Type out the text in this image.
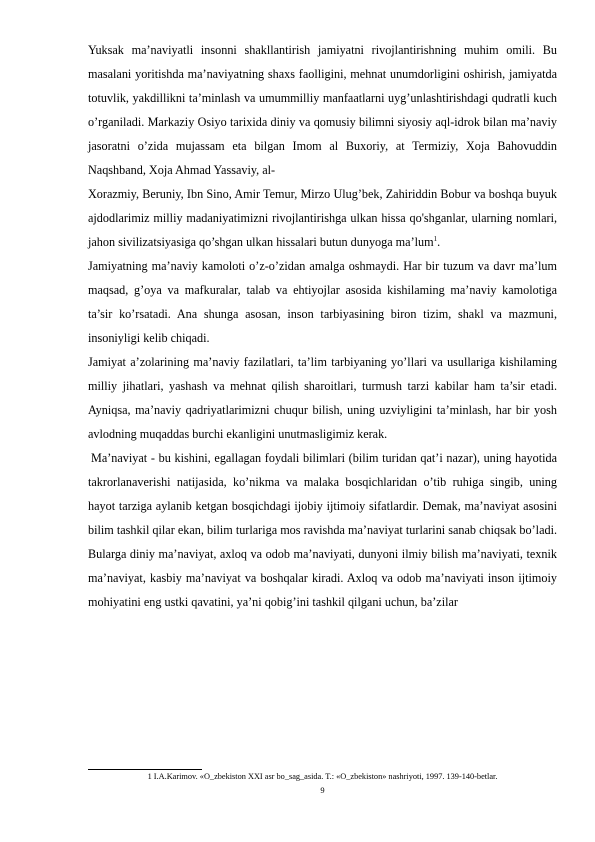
Yuksak ma’naviyatli insonni shakllantirish jamiyatni rivojlantirishning muhim omili. Bu masalani yoritishda ma’naviyatning shaxs faolligini, mehnat unumdorligini oshirish, jamiyatda totuvlik, yakdillikni ta’minlash va umummilliy manfaatlarni uyg’unlashtirishdagi qudratli kuch o’rganiladi. Markaziy Osiyo tarixida diniy va qomusiy bilimni siyosiy aql-idrok bilan ma’naviy jasoratni o’zida mujassam eta bilgan Imom al Buxoriy, at Termiziy, Xoja Bahovuddin Naqshband, Xoja Ahmad Yassaviy, al-

Xorazmiy, Beruniy, Ibn Sino, Amir Temur, Mirzo Ulug’bek, Zahiriddin Bobur va boshqa buyuk ajdodlarimiz milliy madaniyatimizni rivojlantirishga ulkan hissa qo'shganlar, ularning nomlari, jahon sivilizatsiyasiga qo’shgan ulkan hissalari butun dunyoga ma’lum$^1$.

Jamiyatning ma’naviy kamoloti o’z-o’zidan amalga oshmaydi. Har bir tuzum va davr ma’lum maqsad, g’oya va mafkuralar, talab va ehtiyojlar asosida kishilaming ma’naviy kamolotiga ta’sir ko’rsatadi. Ana shunga asosan, inson tarbiyasining biron tizim, shakl va mazmuni, insoniyligi kelib chiqadi.

Jamiyat a’zolarining ma’naviy fazilatlari, ta’lim tarbiyaning yo’llari va usullariga kishilaming milliy jihatlari, yashash va mehnat qilish sharoitlari, turmush tarzi kabilar ham ta’sir etadi. Ayniqsa, ma’naviy qadriyatlarimizni chuqur bilish, uning uzviyligini ta’minlash, har bir yosh avlodning muqaddas burchi ekanligini unutmasligimiz kerak.

Ma’naviyat - bu kishini, egallagan foydali bilimlari (bilim turidan qat’i nazar), uning hayotida takrorlanaverishi natijasida, ko’nikma va malaka bosqichlaridan o’tib ruhiga singib, uning hayot tarziga aylanib ketgan bosqichdagi ijobiy ijtimoiy sifatlardir. Demak, ma’naviyat asosini bilim tashkil qilar ekan, bilim turlariga mos ravishda ma’naviyat turlarini sanab chiqsak bo’ladi. Bularga diniy ma’naviyat, axloq va odob ma’naviyati, dunyoni ilmiy bilish ma’naviyati, texnik ma’naviyat, kasbiy ma’naviyat va boshqalar kiradi. Axloq va odob ma’naviyati inson ijtimoiy mohiyatini eng ustki qavatini, ya’ni qobig’ini tashkil qilgani uchun, ba’zilar

1 I.A.Karimov. «O_zbekiston XXI asr bo_sag_asida. T.: «O_zbekiston» nashriyoti, 1997. 139-140-betlar.
9
